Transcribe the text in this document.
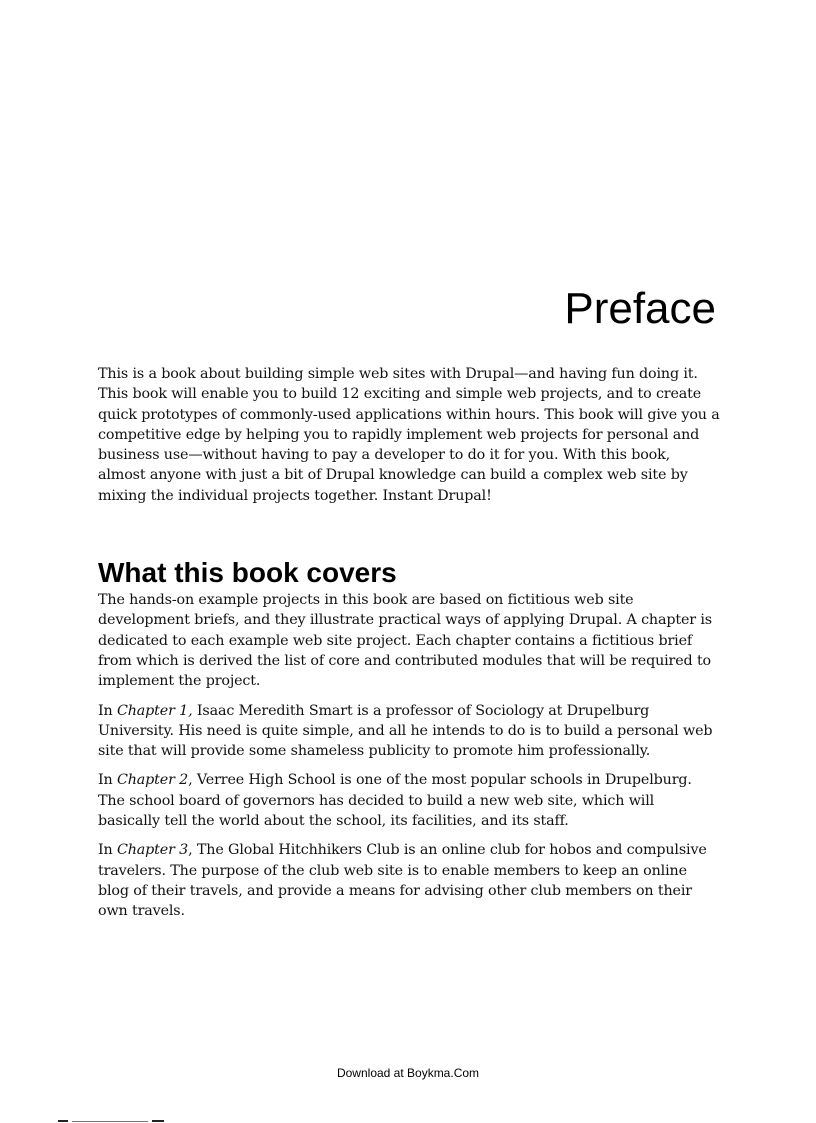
Preface

This is a book about building simple web sites with Drupal—and having fun doing it. This book will enable you to build 12 exciting and simple web projects, and to create quick prototypes of commonly-used applications within hours. This book will give you a competitive edge by helping you to rapidly implement web projects for personal and business use—without having to pay a developer to do it for you. With this book, almost anyone with just a bit of Drupal knowledge can build a complex web site by mixing the individual projects together. Instant Drupal!

What this book covers

The hands-on example projects in this book are based on fictitious web site development briefs, and they illustrate practical ways of applying Drupal. A chapter is dedicated to each example web site project. Each chapter contains a fictitious brief from which is derived the list of core and contributed modules that will be required to implement the project.

In Chapter 1, Isaac Meredith Smart is a professor of Sociology at Drupelburg University. His need is quite simple, and all he intends to do is to build a personal web site that will provide some shameless publicity to promote him professionally.

In Chapter 2, Verree High School is one of the most popular schools in Drupelburg. The school board of governors has decided to build a new web site, which will basically tell the world about the school, its facilities, and its staff.

In Chapter 3, The Global Hitchhikers Club is an online club for hobos and compulsive travelers. The purpose of the club web site is to enable members to keep an online blog of their travels, and provide a means for advising other club members on their own travels.

Download at Boykma.Com
